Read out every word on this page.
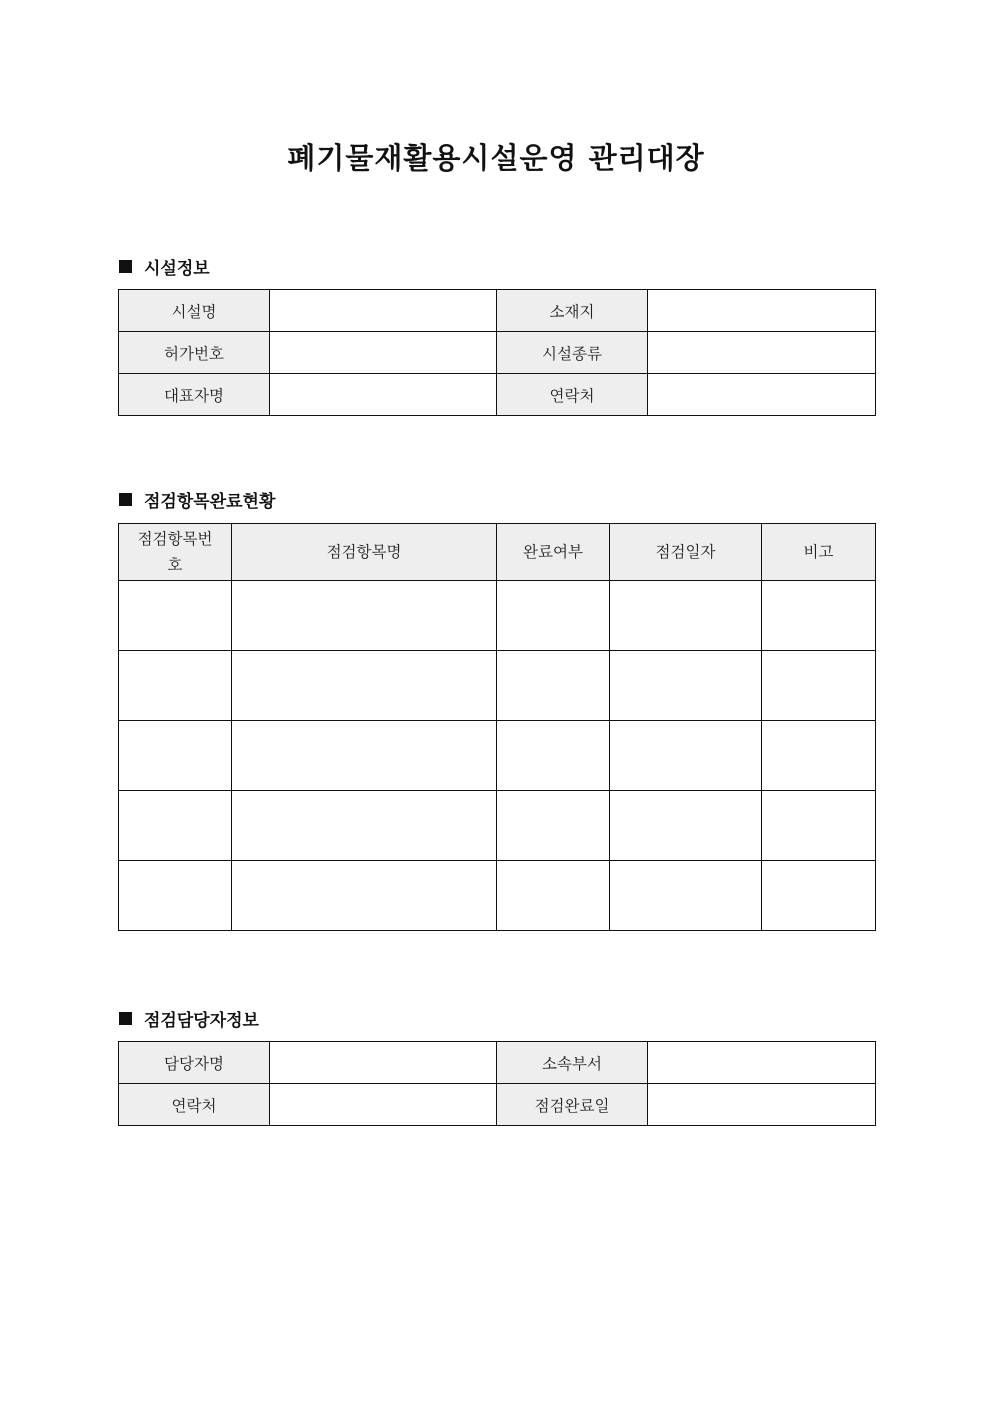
폐기물재활용시설운영 관리대장
시설정보
시설명		소재지	
허가번호		시설종류	
대표자명		연락처	
점검항목완료현황
점검항목번호	점검항목명	완료여부	점검일자	비고

점검담당자정보
담당자명		소속부서	
연락처		점검완료일	
